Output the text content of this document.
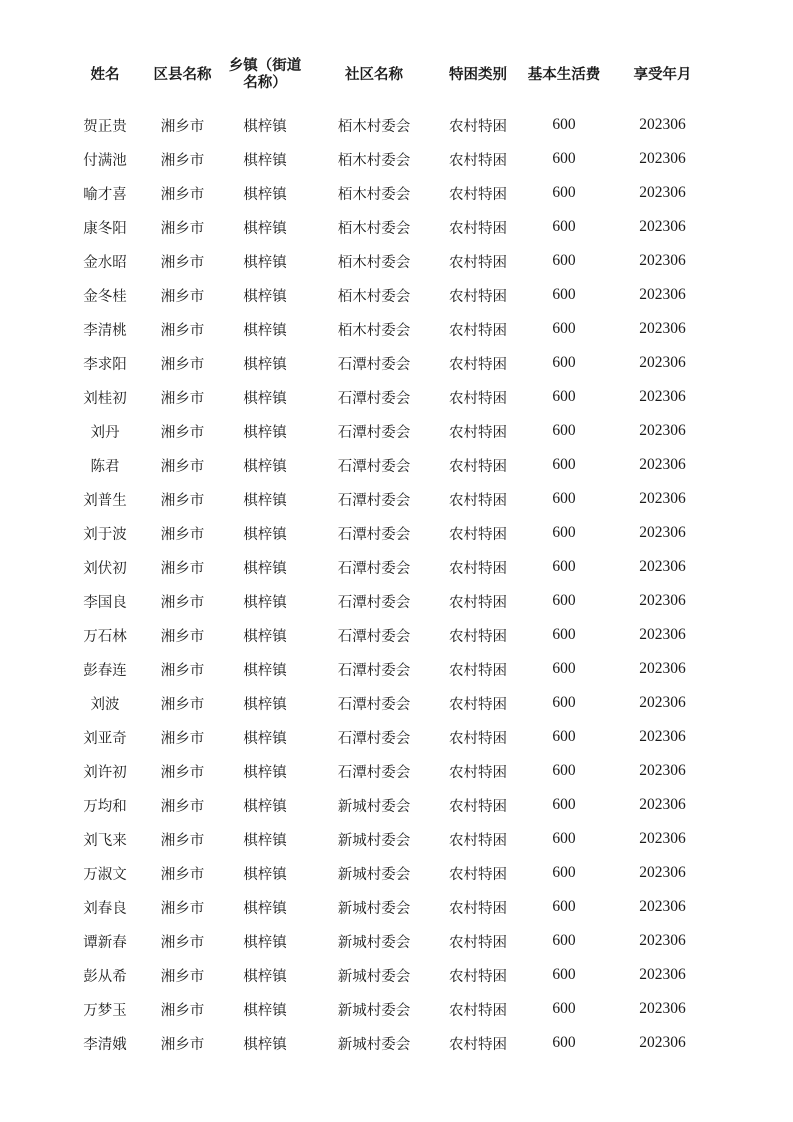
姓名	区县名称	乡镇（街道名称）	社区名称	特困类别	基本生活费	享受年月
贺正贵	湘乡市	棋梓镇	栢木村委会	农村特困	600	202306
付满池	湘乡市	棋梓镇	栢木村委会	农村特困	600	202306
喻才喜	湘乡市	棋梓镇	栢木村委会	农村特困	600	202306
康冬阳	湘乡市	棋梓镇	栢木村委会	农村特困	600	202306
金水昭	湘乡市	棋梓镇	栢木村委会	农村特困	600	202306
金冬桂	湘乡市	棋梓镇	栢木村委会	农村特困	600	202306
李清桃	湘乡市	棋梓镇	栢木村委会	农村特困	600	202306
李求阳	湘乡市	棋梓镇	石潭村委会	农村特困	600	202306
刘桂初	湘乡市	棋梓镇	石潭村委会	农村特困	600	202306
刘丹	湘乡市	棋梓镇	石潭村委会	农村特困	600	202306
陈君	湘乡市	棋梓镇	石潭村委会	农村特困	600	202306
刘普生	湘乡市	棋梓镇	石潭村委会	农村特困	600	202306
刘于波	湘乡市	棋梓镇	石潭村委会	农村特困	600	202306
刘伏初	湘乡市	棋梓镇	石潭村委会	农村特困	600	202306
李国良	湘乡市	棋梓镇	石潭村委会	农村特困	600	202306
万石林	湘乡市	棋梓镇	石潭村委会	农村特困	600	202306
彭春连	湘乡市	棋梓镇	石潭村委会	农村特困	600	202306
刘波	湘乡市	棋梓镇	石潭村委会	农村特困	600	202306
刘亚奇	湘乡市	棋梓镇	石潭村委会	农村特困	600	202306
刘许初	湘乡市	棋梓镇	石潭村委会	农村特困	600	202306
万均和	湘乡市	棋梓镇	新城村委会	农村特困	600	202306
刘飞来	湘乡市	棋梓镇	新城村委会	农村特困	600	202306
万淑文	湘乡市	棋梓镇	新城村委会	农村特困	600	202306
刘春良	湘乡市	棋梓镇	新城村委会	农村特困	600	202306
谭新春	湘乡市	棋梓镇	新城村委会	农村特困	600	202306
彭从希	湘乡市	棋梓镇	新城村委会	农村特困	600	202306
万梦玉	湘乡市	棋梓镇	新城村委会	农村特困	600	202306
李清娥	湘乡市	棋梓镇	新城村委会	农村特困	600	202306
